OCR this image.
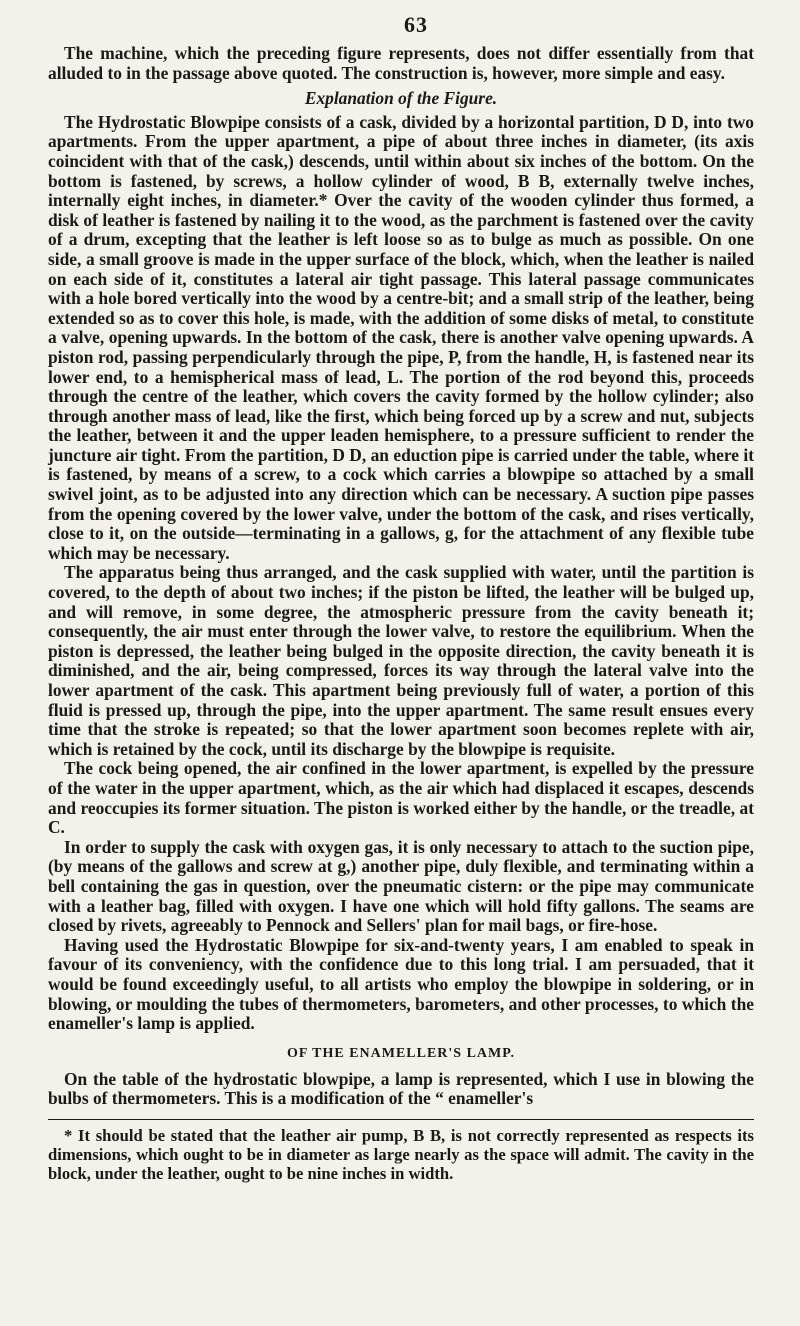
63

The machine, which the preceding figure represents, does not differ essentially from that alluded to in the passage above quoted. The construction is, however, more simple and easy.

Explanation of the Figure.

The Hydrostatic Blowpipe consists of a cask, divided by a horizontal partition, D D, into two apartments. From the upper apartment, a pipe of about three inches in diameter, (its axis coincident with that of the cask,) descends, until within about six inches of the bottom. On the bottom is fastened, by screws, a hollow cylinder of wood, B B, externally twelve inches, internally eight inches, in diameter.* Over the cavity of the wooden cylinder thus formed, a disk of leather is fastened by nailing it to the wood, as the parchment is fastened over the cavity of a drum, excepting that the leather is left loose so as to bulge as much as possible. On one side, a small groove is made in the upper surface of the block, which, when the leather is nailed on each side of it, constitutes a lateral air tight passage. This lateral passage communicates with a hole bored vertically into the wood by a centre-bit; and a small strip of the leather, being extended so as to cover this hole, is made, with the addition of some disks of metal, to constitute a valve, opening upwards. In the bottom of the cask, there is another valve opening upwards. A piston rod, passing perpendicularly through the pipe, P, from the handle, H, is fastened near its lower end, to a hemispherical mass of lead, L. The portion of the rod beyond this, proceeds through the centre of the leather, which covers the cavity formed by the hollow cylinder; also through another mass of lead, like the first, which being forced up by a screw and nut, subjects the leather, between it and the upper leaden hemisphere, to a pressure sufficient to render the juncture air tight. From the partition, D D, an eduction pipe is carried under the table, where it is fastened, by means of a screw, to a cock which carries a blowpipe so attached by a small swivel joint, as to be adjusted into any direction which can be necessary. A suction pipe passes from the opening covered by the lower valve, under the bottom of the cask, and rises vertically, close to it, on the outside—terminating in a gallows, g, for the attachment of any flexible tube which may be necessary.

The apparatus being thus arranged, and the cask supplied with water, until the partition is covered, to the depth of about two inches; if the piston be lifted, the leather will be bulged up, and will remove, in some degree, the atmospheric pressure from the cavity beneath it; consequently, the air must enter through the lower valve, to restore the equilibrium. When the piston is depressed, the leather being bulged in the opposite direction, the cavity beneath it is diminished, and the air, being compressed, forces its way through the lateral valve into the lower apartment of the cask. This apartment being previously full of water, a portion of this fluid is pressed up, through the pipe, into the upper apartment. The same result ensues every time that the stroke is repeated; so that the lower apartment soon becomes replete with air, which is retained by the cock, until its discharge by the blowpipe is requisite.

The cock being opened, the air confined in the lower apartment, is expelled by the pressure of the water in the upper apartment, which, as the air which had displaced it escapes, descends and reoccupies its former situation. The piston is worked either by the handle, or the treadle, at C.

In order to supply the cask with oxygen gas, it is only necessary to attach to the suction pipe, (by means of the gallows and screw at g,) another pipe, duly flexible, and terminating within a bell containing the gas in question, over the pneumatic cistern: or the pipe may communicate with a leather bag, filled with oxygen. I have one which will hold fifty gallons. The seams are closed by rivets, agreeably to Pennock and Sellers' plan for mail bags, or fire-hose.

Having used the Hydrostatic Blowpipe for six-and-twenty years, I am enabled to speak in favour of its conveniency, with the confidence due to this long trial. I am persuaded, that it would be found exceedingly useful, to all artists who employ the blowpipe in soldering, or in blowing, or moulding the tubes of thermometers, barometers, and other processes, to which the enameller's lamp is applied.

OF THE ENAMELLER'S LAMP.

On the table of the hydrostatic blowpipe, a lamp is represented, which I use in blowing the bulbs of thermometers. This is a modification of the “ enameller's

* It should be stated that the leather air pump, B B, is not correctly represented as respects its dimensions, which ought to be in diameter as large nearly as the space will admit. The cavity in the block, under the leather, ought to be nine inches in width.
